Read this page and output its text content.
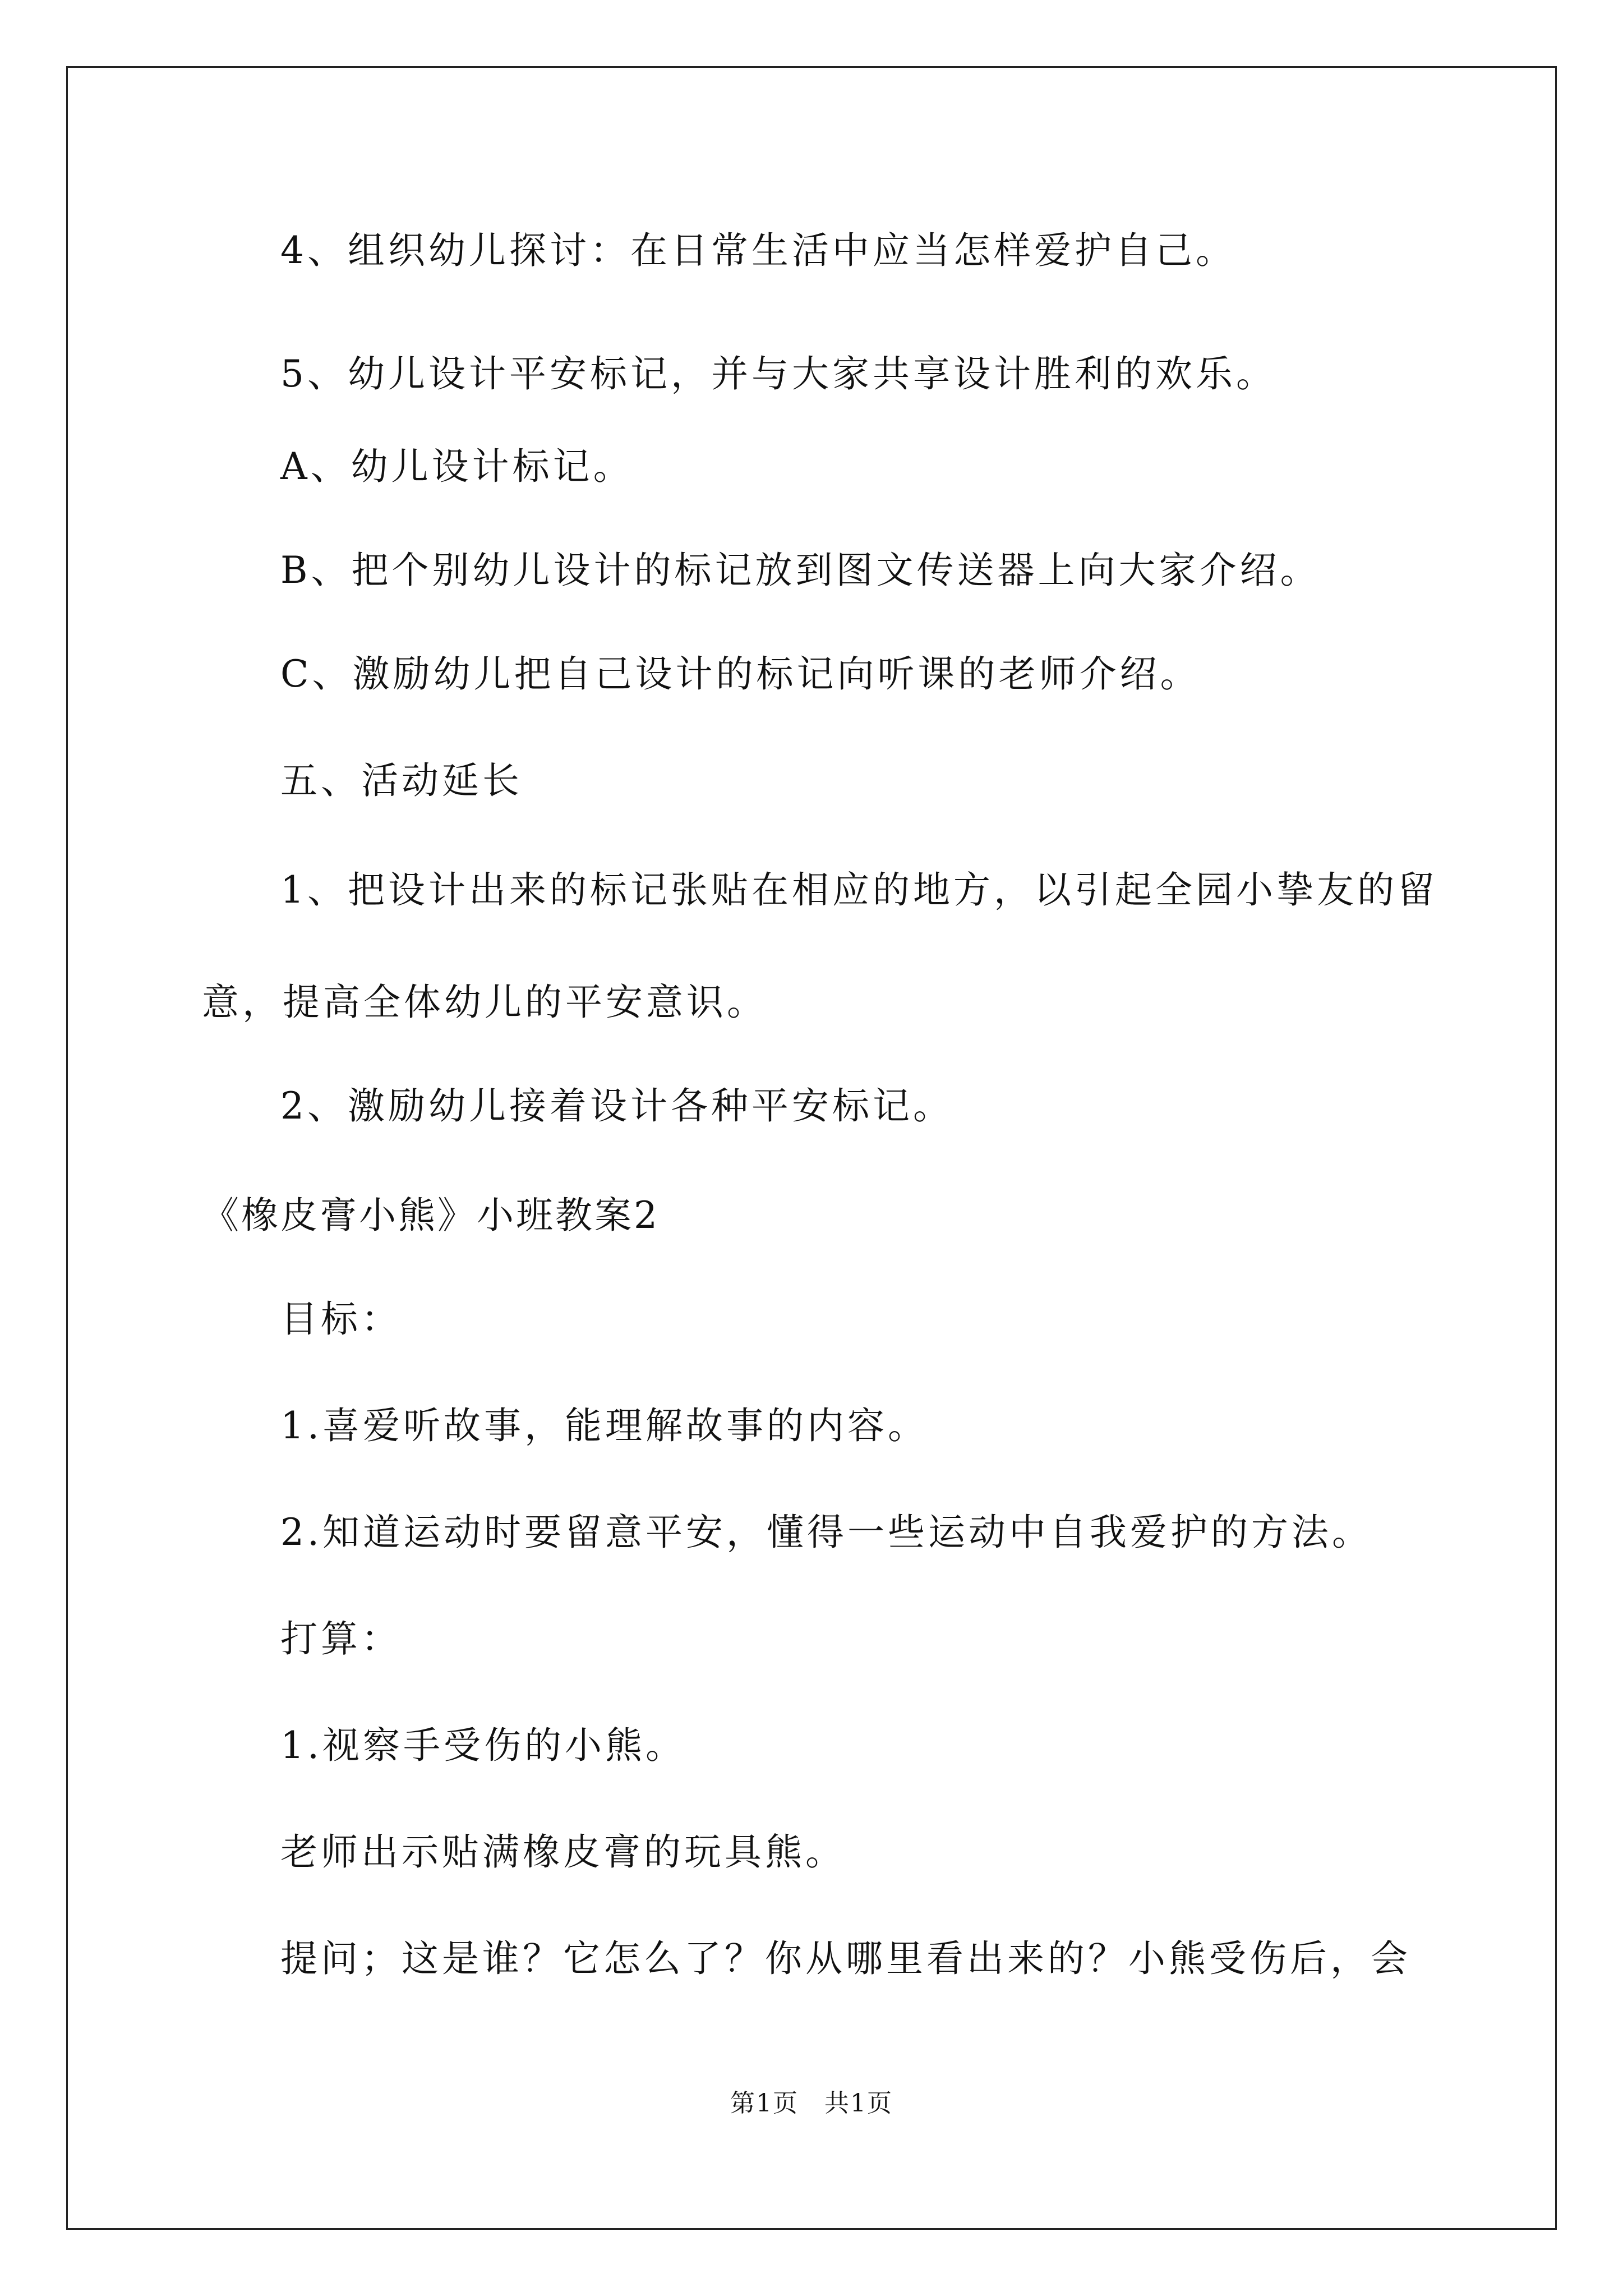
4、组织幼儿探讨：在日常生活中应当怎样爱护自己。
5、幼儿设计平安标记，并与大家共享设计胜利的欢乐。
A、幼儿设计标记。
B、把个别幼儿设计的标记放到图文传送器上向大家介绍。
C、激励幼儿把自己设计的标记向听课的老师介绍。
五、活动延长
1、把设计出来的标记张贴在相应的地方，以引起全园小挚友的留
意，提高全体幼儿的平安意识。
2、激励幼儿接着设计各种平安标记。
《橡皮膏小熊》小班教案2
目标：
1.喜爱听故事，能理解故事的内容。
2.知道运动时要留意平安，懂得一些运动中自我爱护的方法。
打算：
1.视察手受伤的小熊。
老师出示贴满橡皮膏的玩具熊。
提问；这是谁？它怎么了？你从哪里看出来的？小熊受伤后，会
第1页　共1页
